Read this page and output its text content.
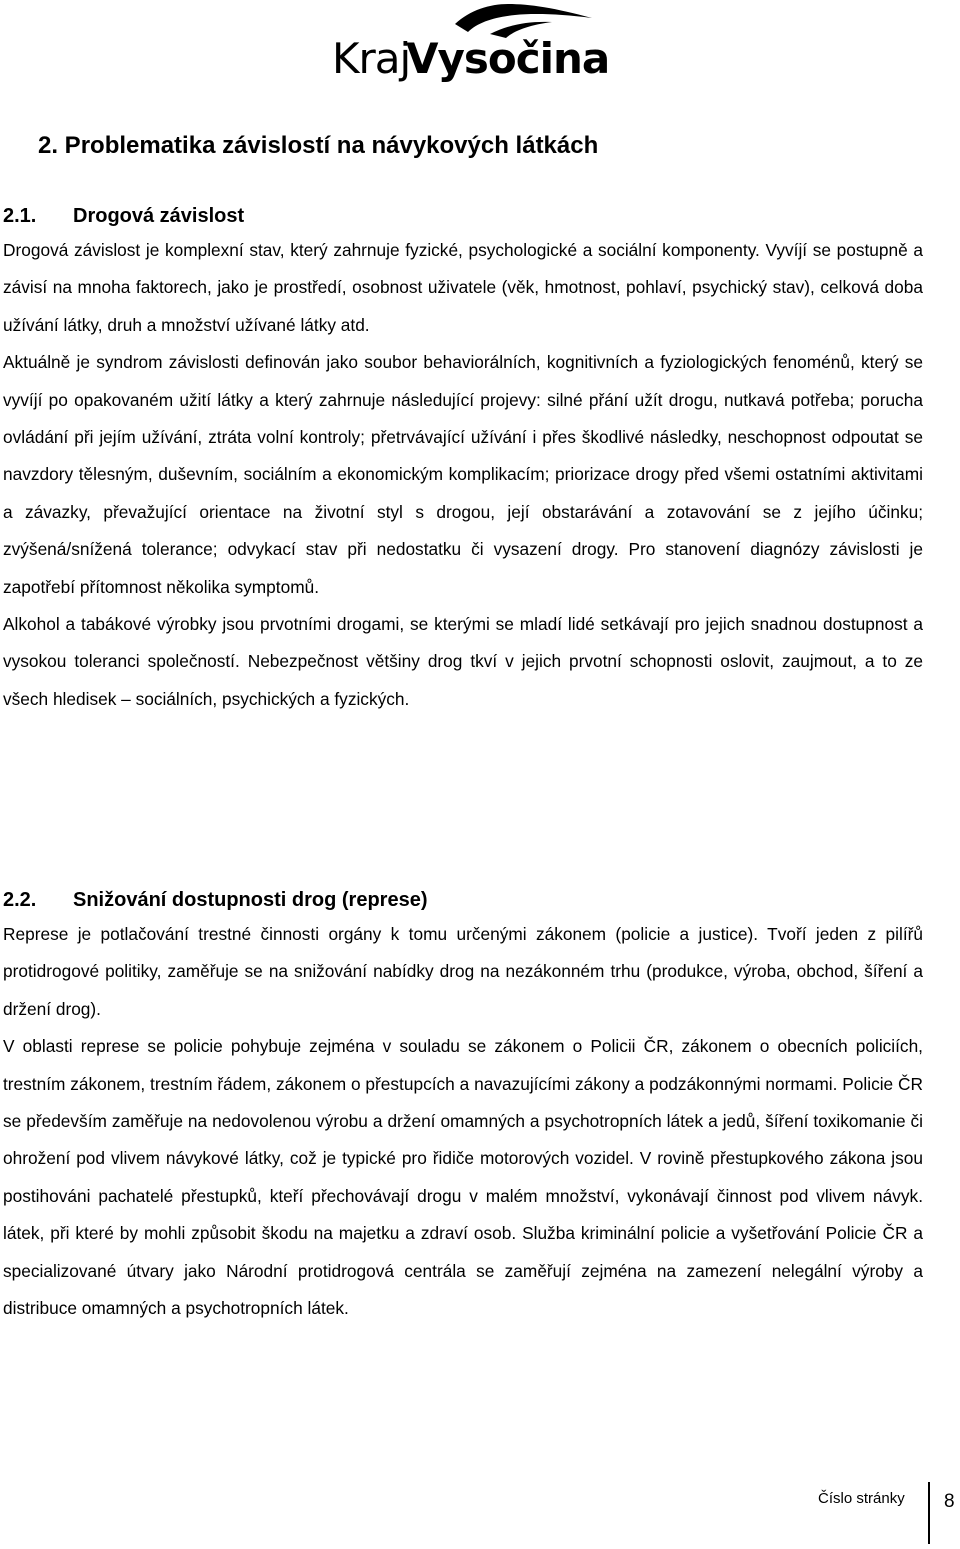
Kraj
Vysočina
2. Problematika závislostí na návykových látkách
2.1. Drogová závislost

Drogová závislost je komplexní stav, který zahrnuje fyzické, psychologické a sociální komponenty. Vyvíjí se postupně a závisí na mnoha faktorech, jako je prostředí, osobnost uživatele (věk, hmotnost, pohlaví, psychický stav), celková doba užívání látky, druh a množství užívané látky atd.

Aktuálně je syndrom závislosti definován jako soubor behaviorálních, kognitivních a fyziologických fenoménů, který se vyvíjí po opakovaném užití látky a který zahrnuje následující projevy: silné přání užít drogu, nutkavá potřeba; porucha ovládání při jejím užívání, ztráta volní kontroly; přetrvávající užívání i přes škodlivé následky, neschopnost odpoutat se navzdory tělesným, duševním, sociálním a ekonomickým komplikacím; priorizace drogy před všemi ostatními aktivitami a závazky, převažující orientace na životní styl s drogou, její obstarávání a zotavování se z jejího účinku; zvýšená/snížená tolerance; odvykací stav při nedostatku či vysazení drogy. Pro stanovení diagnózy závislosti je zapotřebí přítomnost několika symptomů.

Alkohol a tabákové výrobky jsou prvotními drogami, se kterými se mladí lidé setkávají pro jejich snadnou dostupnost a vysokou toleranci společností. Nebezpečnost většiny drog tkví v jejich prvotní schopnosti oslovit, zaujmout, a to ze všech hledisek – sociálních, psychických a fyzických.

2.2. Snižování dostupnosti drog (represe)

Represe je potlačování trestné činnosti orgány k tomu určenými zákonem (policie a justice). Tvoří jeden z pilířů protidrogové politiky, zaměřuje se na snižování nabídky drog na nezákonném trhu (produkce, výroba, obchod, šíření a držení drog).

V oblasti represe se policie pohybuje zejména v souladu se zákonem o Policii ČR, zákonem o obecních policiích, trestním zákonem, trestním řádem, zákonem o přestupcích a navazujícími zákony a podzákonnými normami. Policie ČR se především zaměřuje na nedovolenou výrobu a držení omamných a psychotropních látek a jedů, šíření toxikomanie či ohrožení pod vlivem návykové látky, což je typické pro řidiče motorových vozidel. V rovině přestupkového zákona jsou postihováni pachatelé přestupků, kteří přechovávají drogu v malém množství, vykonávají činnost pod vlivem návyk. látek, při které by mohli způsobit škodu na majetku a zdraví osob. Služba kriminální policie a vyšetřování Policie ČR a specializované útvary jako Národní protidrogová centrála se zaměřují zejména na zamezení nelegální výroby a distribuce omamných a psychotropních látek.

Číslo stránky 8
